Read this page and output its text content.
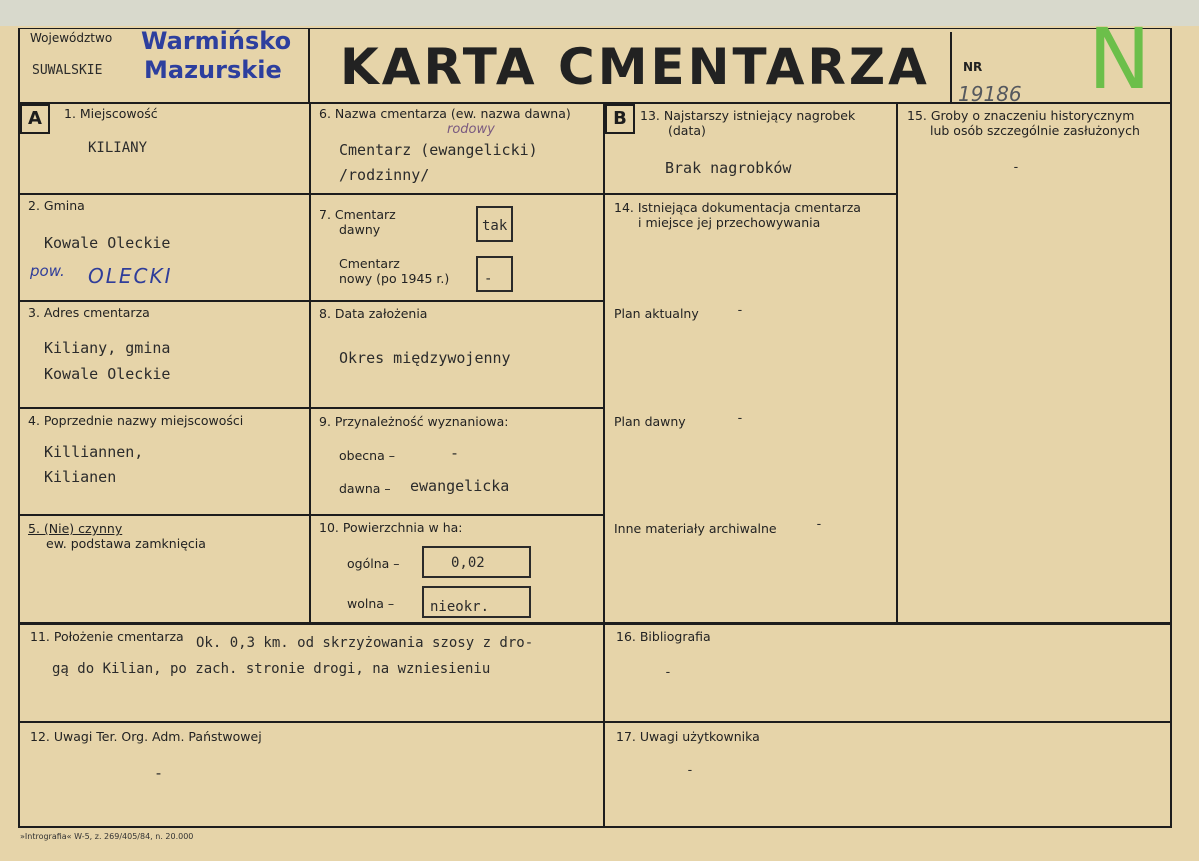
Województwo
SUWALSKIE
Warmińsko
Mazurskie KARTA CMENTARZA	NR
19186 N
A	B
1. Miejscowość
KILIANY
2. Gmina
Kowale Oleckie
pow. OLECKI
3. Adres cmentarza
Kiliany, gmina
Kowale Oleckie
4. Poprzednie nazwy miejscowości
Killiannen,
Kilianen
5. (Nie) czynny
ew. podstawa zamknięcia
6. Nazwa cmentarza (ew. nazwa dawna)
rodowy
Cmentarz (ewangelicki)
/rodzinny/
7. Cmentarz
dawny	tak
Cmentarz
nowy (po 1945 r.) -
8. Data założenia
Okres międzywojenny
9. Przynależność wyznaniowa:
obecna –	-
dawna – ewangelicka
10. Powierzchnia w ha:
ogólna –	0,02
wolna –	nieokr.
11. Położenie cmentarza Ok. 0,3 km. od skrzyżowania szosy z dro-
gą do Kilian, po zach. stronie drogi, na wzniesieniu
12. Uwagi Ter. Org. Adm. Państwowej
-
13. Najstarszy istniejący nagrobek
(data)
Brak nagrobków
14. Istniejąca dokumentacja cmentarza
i miejsce jej przechowywania
Plan aktualny	-
Plan dawny	-
Inne materiały archiwalne	-
15. Groby o znaczeniu historycznym
lub osób szczególnie zasłużonych
-
16. Bibliografia
-
17. Uwagi użytkownika
-
»Intrografia« W-5, z. 269/405/84, n. 20.000
